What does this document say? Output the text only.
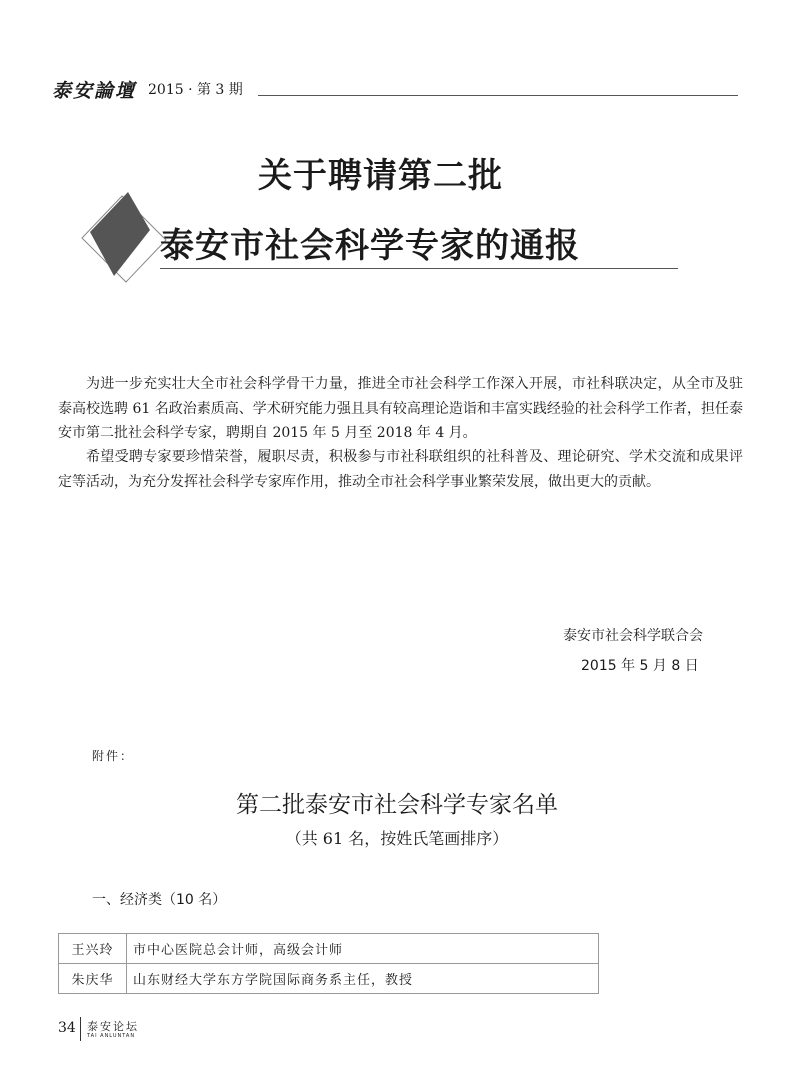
泰安論壇 2015 · 第 3 期
关于聘请第二批
泰安市社会科学专家的通报
为进一步充实壮大全市社会科学骨干力量，推进全市社会科学工作深入开展，市社科联决定，从全市及驻泰高校选聘 61 名政治素质高、学术研究能力强且具有较高理论造诣和丰富实践经验的社会科学工作者，担任泰安市第二批社会科学专家，聘期自 2015 年 5 月至 2018 年 4 月。
希望受聘专家要珍惜荣誉，履职尽责，积极参与市社科联组织的社科普及、理论研究、学术交流和成果评定等活动，为充分发挥社会科学专家库作用，推动全市社会科学事业繁荣发展，做出更大的贡献。
泰安市社会科学联合会
2015 年 5 月 8 日
附件：
第二批泰安市社会科学专家名单
（共 61 名，按姓氏笔画排序）
一、经济类（10 名）
王兴玲	市中心医院总会计师，高级会计师
朱庆华	山东财经大学东方学院国际商务系主任，教授
34 泰安论坛
TAI ANLUNTAN
